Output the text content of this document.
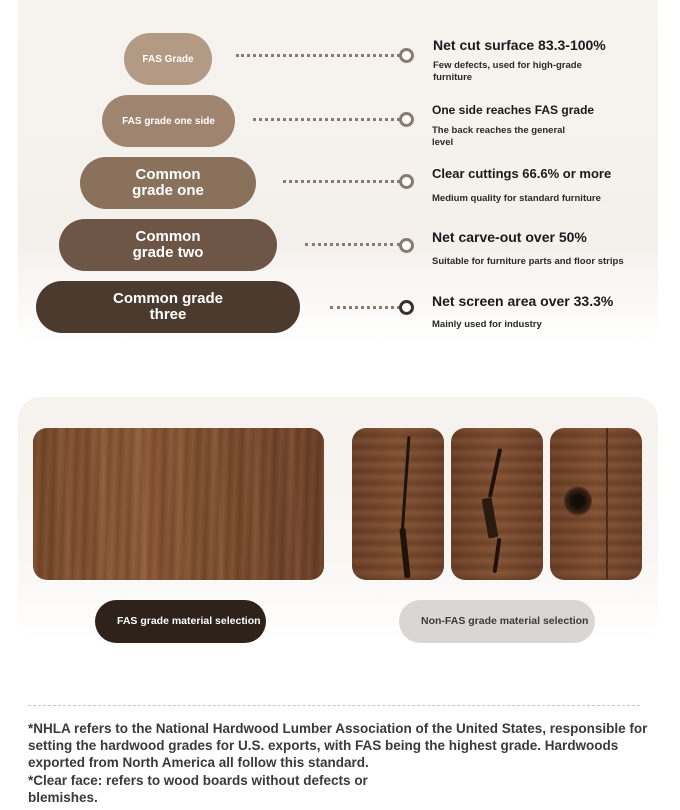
FAS Grade
Net cut surface 83.3-100%
Few defects, used for high-grade furniture
FAS grade one side
One side reaches FAS grade
The back reaches the general level
Common grade one
Clear cuttings 66.6% or more
Medium quality for standard furniture
Common grade two
Net carve-out over 50%
Suitable for furniture parts and floor strips
Common grade three
Net screen area over 33.3%
Mainly used for industry
FAS grade material selection	Non-FAS grade material selection
*NHLA refers to the National Hardwood Lumber Association of the United States, responsible for setting the hardwood grades for U.S. exports, with FAS being the highest grade. Hardwoods exported from North America all follow this standard.
*Clear face: refers to wood boards without defects or blemishes.
